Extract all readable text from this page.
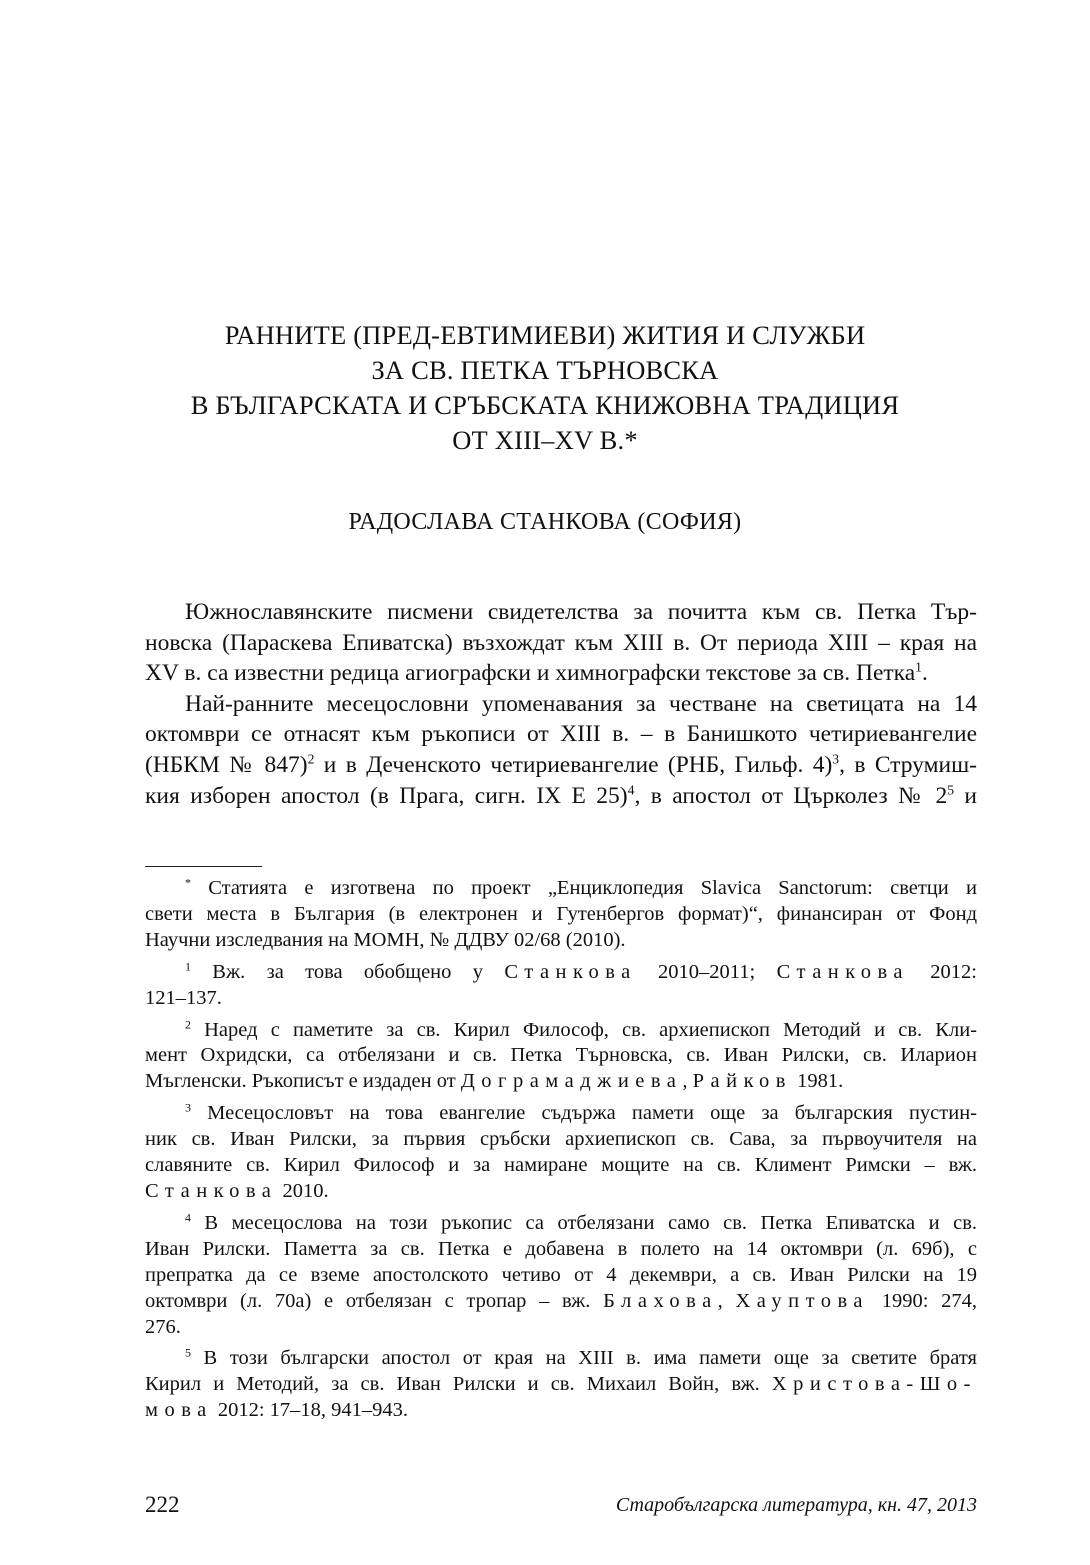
РАННИТЕ (ПРЕД-ЕВТИМИЕВИ) ЖИТИЯ И СЛУЖБИ
ЗА СВ. ПЕТКА ТЪРНОВСКА
В БЪЛГАРСКАТА И СРЪБСКАТА КНИЖОВНА ТРАДИЦИЯ
ОТ XIII–XV В.*
РАДОСЛАВА СТАНКОВА (СОФИЯ)
Южнославянските писмени свидетелства за почитта към св. Петка Тър-
новска (Параскева Епиватска) възхождат към XIII в. От периода XIII – края на
XV в. са известни редица агиографски и химнографски текстове за св. Петка$^1$.
Най-ранните месецословни упоменавания за честване на светицата на 14
октомври се отнасят към ръкописи от XIII в. – в Банишкото четириевангелие
(НБКМ № 847)$^2$ и в Деченското четириевангелие (РНБ, Гильф. 4)$^3$, в Струмиш-
кия изборен апостол (в Прага, сигн. IX E 25)$^4$, в апостол от Църколез № $2^5$ и
* Статията е изготвена по проект „Енциклопедия Slavica Sanctorum: светци и
свети места в България (в електронен и Гутенбергов формат)“, финансиран от Фонд
Научни изследвания на МОМН, № ДДВУ 02/68 (2010).
$^1$ Вж. за това обобщено у Станкова 2010–2011; Станкова 2012:
121–137.
$^2$ Наред с паметите за св. Кирил Философ, св. архиепископ Методий и св. Кли-
мент Охридски, са отбелязани и св. Петка Търновска, св. Иван Рилски, св. Иларион
Мъгленски. Ръкописът е издаден от Дограмаджиева, Райков 1981.
$^3$ Месецословът на това евангелие съдържа памети още за българския пустин-
ник св. Иван Рилски, за първия сръбски архиепископ св. Сава, за първоучителя на
славяните св. Кирил Философ и за намиране мощите на св. Климент Римски – вж.
Станкова 2010.
$^4$ В месецослова на този ръкопис са отбелязани само св. Петка Епиватска и св.
Иван Рилски. Паметта за св. Петка е добавена в полето на 14 октомври (л. 69б), с
препратка да се вземе апостолското четиво от 4 декември, а св. Иван Рилски на 19
октомври (л. 70а) е отбелязан с тропар – вж. Блахова, Хауптова 1990: 274,
276.
$^5$ В този български апостол от края на XIII в. има памети още за светите братя
Кирил и Методий, за св. Иван Рилски и св. Михаил Войн, вж. Христова-Шо-
мова 2012: 17–18, 941–943.
222	Старобългарска литература, кн. 47, 2013
